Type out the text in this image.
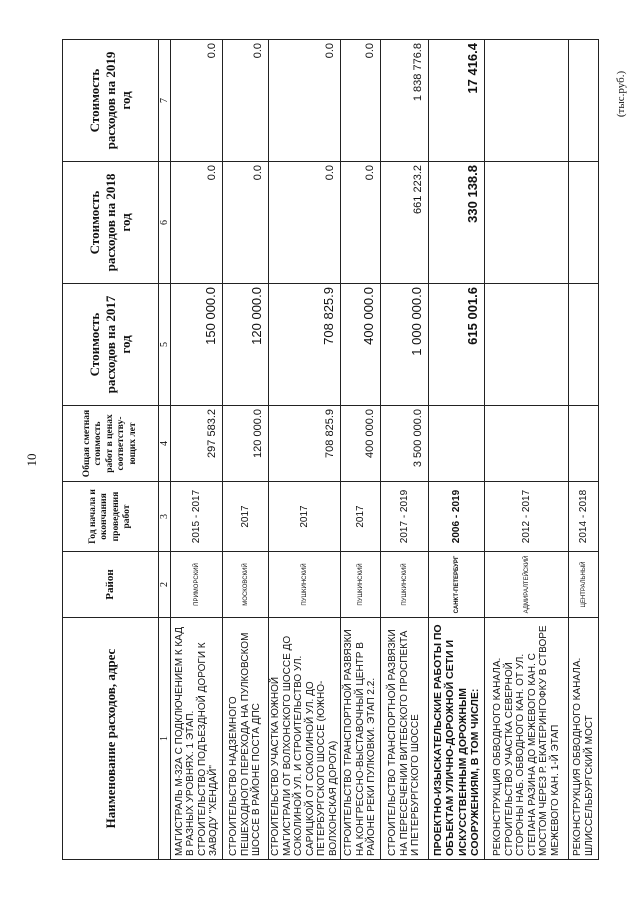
10
(тыс.руб.)
Наименование расходов, адрес	Район	Год начала и окончания проведения работ	Общая сметная стоимость работ в ценах соответству-ющих лет	Стоимость расходов на 2017 год	Стоимость расходов на 2018 год	Стоимость расходов на 2019 год
1	2	3	4	5	6	7
МАГИСТРАЛЬ М-32А С ПОДКЛЮЧЕНИЕМ К КАД В РАЗНЫХ УРОВНЯХ. 1 ЭТАП. СТРОИТЕЛЬСТВО ПОДЪЕЗДНОЙ ДОРОГИ К ЗАВОДУ "ХЕНДАЙ"	ПРИМОРСКИЙ	2015 - 2017	297 583.2	150 000.0	0.0	0.0
СТРОИТЕЛЬСТВО НАДЗЕМНОГО ПЕШЕХОДНОГО ПЕРЕХОДА НА ПУЛКОВСКОМ ШОССЕ В РАЙОНЕ ПОСТА ДПС	МОСКОВСКИЙ	2017	120 000.0	120 000.0	0.0	0.0
СТРОИТЕЛЬСТВО УЧАСТКА ЮЖНОЙ МАГИСТРАЛИ ОТ ВОЛХОНСКОГО ШОССЕ ДО СОКОЛИНОЙ УЛ. И СТРОИТЕЛЬСТВО УЛ. САРИЦКОЙ ОТ СОКОЛИНОЙ УЛ. ДО ПЕТЕРБУРГСКОГО ШОССЕ (ЮЖНО-ВОЛХОНСКАЯ ДОРОГА)	ПУШКИНСКИЙ	2017	708 825.9	708 825.9	0.0	0.0
СТРОИТЕЛЬСТВО ТРАНСПОРТНОЙ РАЗВЯЗКИ НА КОНГРЕССНО-ВЫСТАВОЧНЫЙ ЦЕНТР В РАЙОНЕ РЕКИ ПУЛКОВКИ. ЭТАП 2.2.	ПУШКИНСКИЙ	2017	400 000.0	400 000.0	0.0	0.0
СТРОИТЕЛЬСТВО ТРАНСПОРТНОЙ РАЗВЯЗКИ НА ПЕРЕСЕЧЕНИИ ВИТЕБСКОГО ПРОСПЕКТА И ПЕТЕРБУРГСКОГО ШОССЕ	ПУШКИНСКИЙ	2017 - 2019	3 500 000.0	1 000 000.0	661 223.2	1 838 776.8
ПРОЕКТНО-ИЗЫСКАТЕЛЬСКИЕ РАБОТЫ ПО ОБЪЕКТАМ УЛИЧНО-ДОРОЖНОЙ СЕТИ И ИСКУССТВЕННЫМ ДОРОЖНЫМ СООРУЖЕНИЯМ, В ТОМ ЧИСЛЕ:	САНКТ-ПЕТЕРБУРГ	2006 - 2019		615 001.6	330 138.8	17 416.4
РЕКОНСТРУКЦИЯ ОБВОДНОГО КАНАЛА. СТРОИТЕЛЬСТВО УЧАСТКА СЕВЕРНОЙ СТОРОНЫ НАБ. ОБВОДНОГО КАН. ОТ УЛ. СТЕПАНА РАЗИНА ДО МЕЖЕВОГО КАН. С МОСТОМ ЧЕРЕЗ Р. ЕКАТЕРИНГОФКУ В СТВОРЕ МЕЖЕВОГО КАН. 1-Й ЭТАП	АДМИРАЛТЕЙСКИЙ	2012 - 2017				
РЕКОНСТРУКЦИЯ ОБВОДНОГО КАНАЛА. ШЛИССЕЛЬБУРГСКИЙ МОСТ	ЦЕНТРАЛЬНЫЙ	2014 - 2018				
